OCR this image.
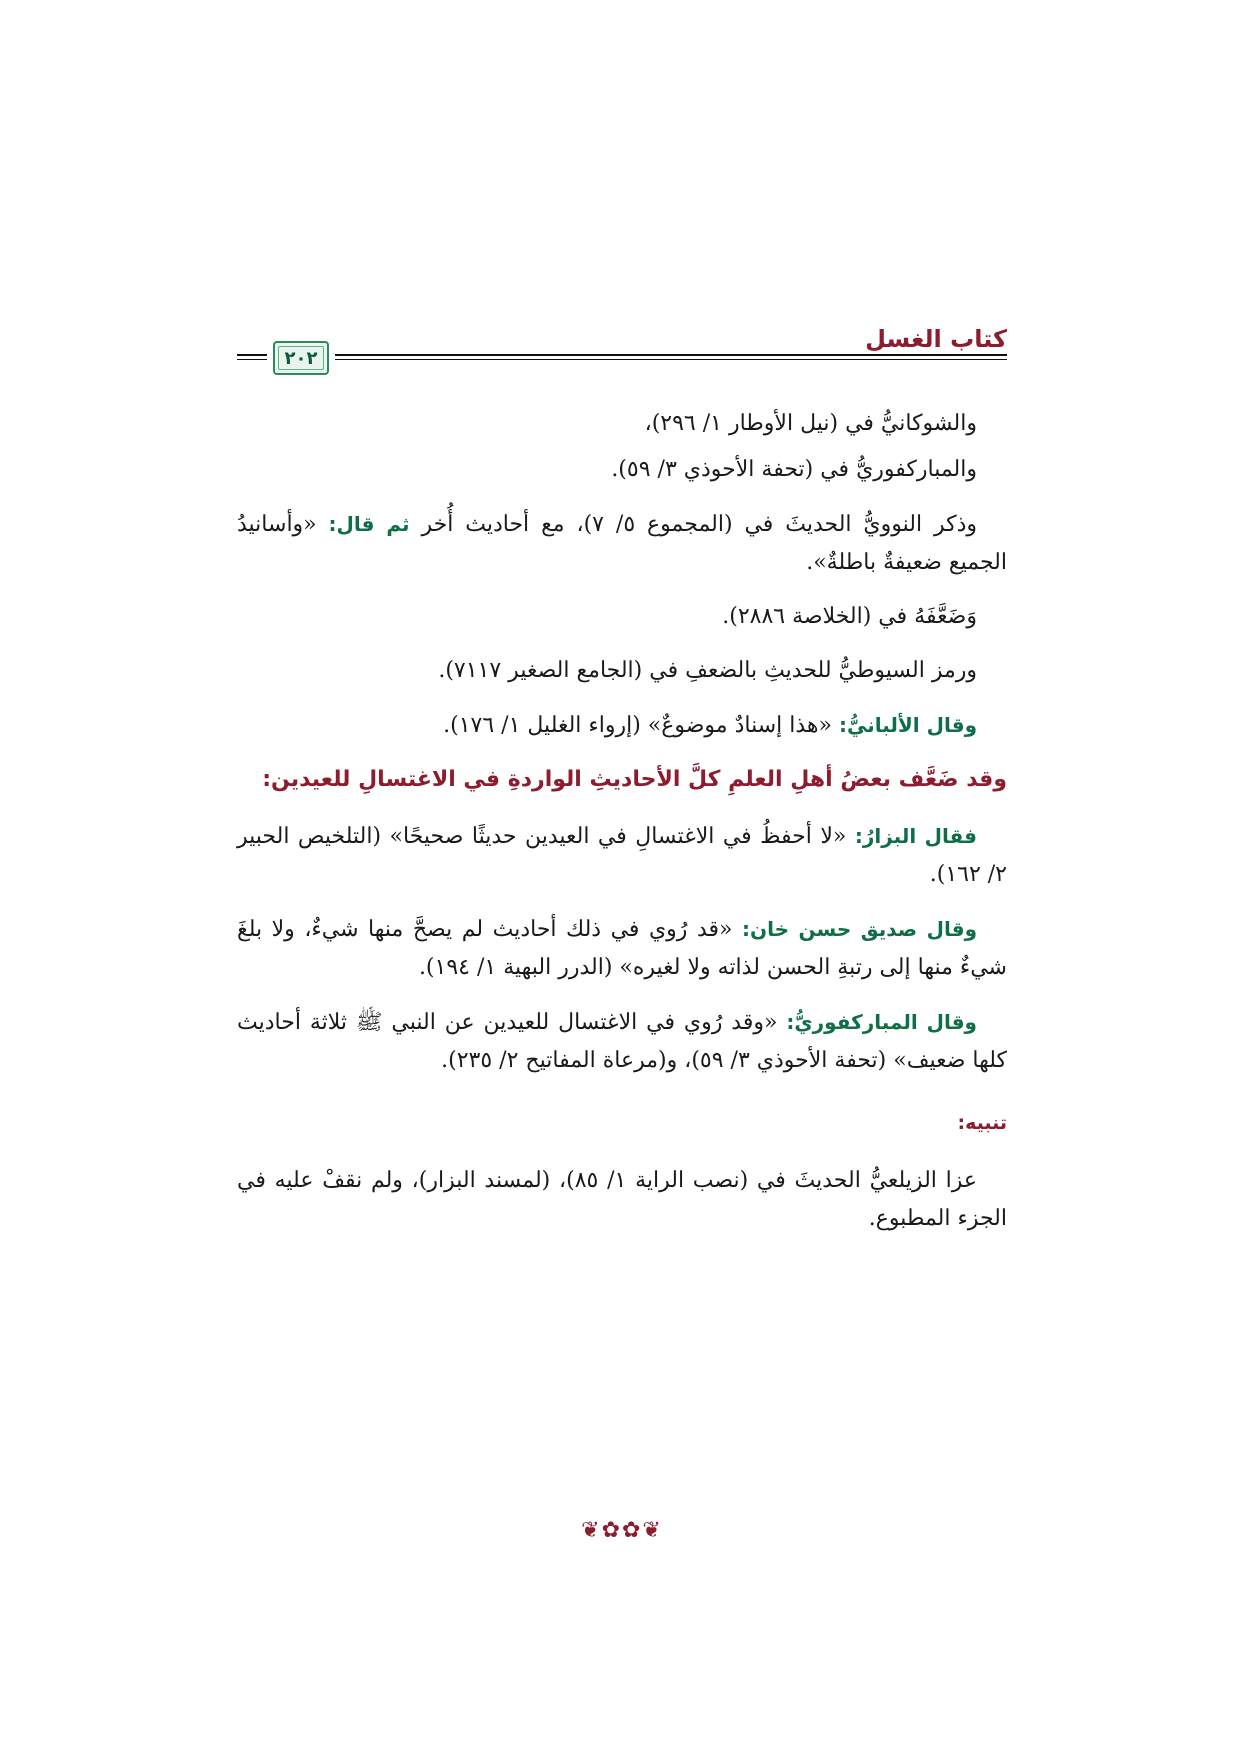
كتاب الغسل
٢٠٢

والشوكانيُّ في (نيل الأوطار ١/ ٢٩٦)،

والمباركفوريُّ في (تحفة الأحوذي ٣/ ٥٩).

وذكر النوويُّ الحديثَ في (المجموع ٥/ ٧)، مع أحاديث أُخر ثم قال: «وأسانيدُ الجميع ضعيفةٌ باطلةٌ».

وَضَعَّفَهُ في (الخلاصة ٢٨٨٦).

ورمز السيوطيُّ للحديثِ بالضعفِ في (الجامع الصغير ٧١١٧).

وقال الألبانيُّ: «هذا إسنادٌ موضوعٌ» (إرواء الغليل ١/ ١٧٦).

وقد ضَعَّف بعضُ أهلِ العلمِ كلَّ الأحاديثِ الواردةِ في الاغتسالِ للعيدين:

فقال البزارُ: «لا أحفظُ في الاغتسالِ في العيدين حديثًا صحيحًا» (التلخيص الحبير ٢/ ١٦٢).

وقال صديق حسن خان: «قد رُوي في ذلك أحاديث لم يصحَّ منها شيءٌ، ولا بلغَ شيءٌ منها إلى رتبةِ الحسن لذاته ولا لغيره» (الدرر البهية ١/ ١٩٤).

وقال المباركفوريُّ: «وقد رُوي في الاغتسال للعيدين عن النبي ﷺ ثلاثة أحاديث كلها ضعيف» (تحفة الأحوذي ٣/ ٥٩)، و(مرعاة المفاتيح ٢/ ٢٣٥).

تنبيه:

عزا الزيلعيُّ الحديثَ في (نصب الراية ١/ ٨٥)، (لمسند البزار)، ولم نقفْ عليه في الجزء المطبوع.

❦✿✿❦
